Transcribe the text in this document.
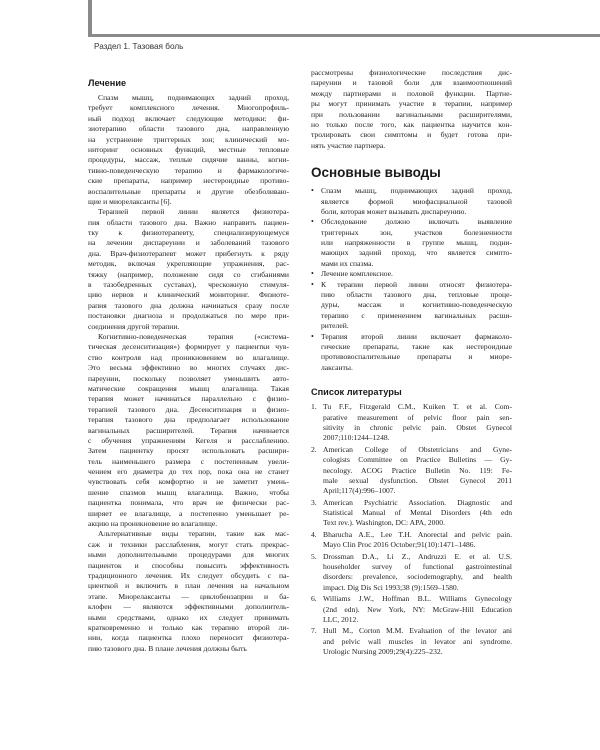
Раздел 1. Тазовая боль
Лечение
Спазм мышц, поднимающих задний проход,
требует комплексного лечения. Многопрофиль-
ный подход включает следующие методики: фи-
зиотерапию области тазового дна, направленную
на устранение триггерных зон; клинический мо-
ниторинг основных функций, местные тепловые
процедуры, массаж, теплые сидячие ванны, когни-
тивно-поведенческую терапию и фармакологиче-
ские препараты, например нестероидные противо-
воспалительные препараты и другие обезболиваю-
щие и миорелаксанты [6].
Терапией первой линии является физиотера-
пия области тазового дна. Важно направить пациен-
тку к физиотерапевту, специализирующемуся
на лечении диспареунии и заболеваний тазового
дна. Врач-физиотерапевт может прибегнуть к ряду
методик, включая укрепляющие упражнения, рас-
тяжку (например, положение сидя со сгибаниями
в тазобедренных суставах), чрескожную стимуля-
цию нервов и клинический мониторинг. Физиоте-
рапия тазового дна должна начинаться сразу после
постановки диагноза и продолжаться по мере при-
соединения другой терапии.
Когнитивно-поведенческая терапия («система-
тическая десенситизация») формирует у пациентки чув-
ство контроля над проникновением во влагалище.
Это весьма эффективно во многих случаях дис-
пареунии, поскольку позволяет уменьшить авто-
матические сокращения мышц влагалища. Такая
терапия может начинаться параллельно с физио-
терапией тазового дна. Десенситизация и физио-
терапия тазового дна предполагает использование
вагинальных расширителей. Терапия начинается
с обучения упражнениям Кегеля и расслаблению.
Затем пациентку просят использовать расшири-
тель наименьшего размера с постепенным увели-
чением его диаметра до тех пор, пока она не станет
чувствовать себя комфортно и не заметит умень-
шение спазмов мышц влагалища. Важно, чтобы
пациентка понимала, что врач не физически рас-
ширяет ее влагалище, а постепенно уменьшает ре-
акцию на проникновение во влагалище.
Альтернативные виды терапии, такие как мас-
саж и техники расслабления, могут стать прекрас-
ными дополнительными процедурами для многих
пациенток и способны повысить эффективность
традиционного лечения. Их следует обсудить с па-
циенткой и включить в план лечения на начальном
этапе. Миорелаксанты — циклобензаприн и ба-
клофен — являются эффективными дополнитель-
ными средствами, однако их следует принимать
кратковременно и только как терапию второй ли-
нии, когда пациентка плохо переносит физиотера-
пию тазового дна. В плане лечения должны быть
рассмотрены физиологические последствия дис-
пареунии и тазовой боли для взаимоотношений
между партнерами и половой функции. Партне-
ры могут принимать участие в терапии, например
при пользовании вагинальными расширителями,
но только после того, как пациентка научится кон-
тролировать свои симптомы и будет готова при-
нять участие партнера.
Основные выводы
• Спазм мышц, поднимающих задний проход,
является формой миофасциальной тазовой
боли, которая может вызывать диспареунию.
• Обследование должно включать выявление
триггерных зон, участков болезненности
или напряженности в группе мышц, подни-
мающих задний проход, что является симпто-
мами их спазма.
• Лечение комплексное.
• К терапии первой линии относят физиотера-
пию области тазового дна, тепловые проце-
дуры, массаж и когнитивно-поведенческую
терапию с применением вагинальных расши-
рителей.
• Терапия второй линии включает фармаколо-
гические препараты, такие как нестероидные
противовоспалительные препараты и миоре-
лаксанты.
Список литературы
1. Tu F.F., Fitzgerald C.M., Kuiken T. et al. Com-
parative measurement of pelvic floor pain sen-
sitivity in chronic pelvic pain. Obstet Gynecol
2007;110:1244–1248.
2. American College of Obstetricians and Gyne-
cologists Committee on Practice Bulletins — Gy-
necology. ACOG Practice Bulletin No. 119: Fe-
male sexual dysfunction. Obstet Gynecol 2011
April;117(4):996–1007.
3. American Psychiatric Association. Diagnostic and
Statistical Manual of Mental Disorders (4th edn
Text rev.). Washington, DC: APA, 2000.
4. Bharucha A.E., Lee T.H. Anorectal and pelvic pain.
Mayo Clin Proc 2016 October;91(10):1471–1486.
5. Drossman D.A., Li Z., Andruzzi E. et al. U.S.
householder survey of functional gastrointestinal
disorders: prevalence, sociodemography, and health
impact. Dig Dis Sci 1993;38 (9):1569–1580.
6. Williams J.W., Hoffman B.L. Williams Gynecology
(2nd edn). New York, NY: McGraw-Hill Education
LLC, 2012.
7. Hull M., Corton M.M. Evaluation of the levator ani
and pelvic wall muscles in levator ani syndrome.
Urologic Nursing 2009;29(4):225–232.
